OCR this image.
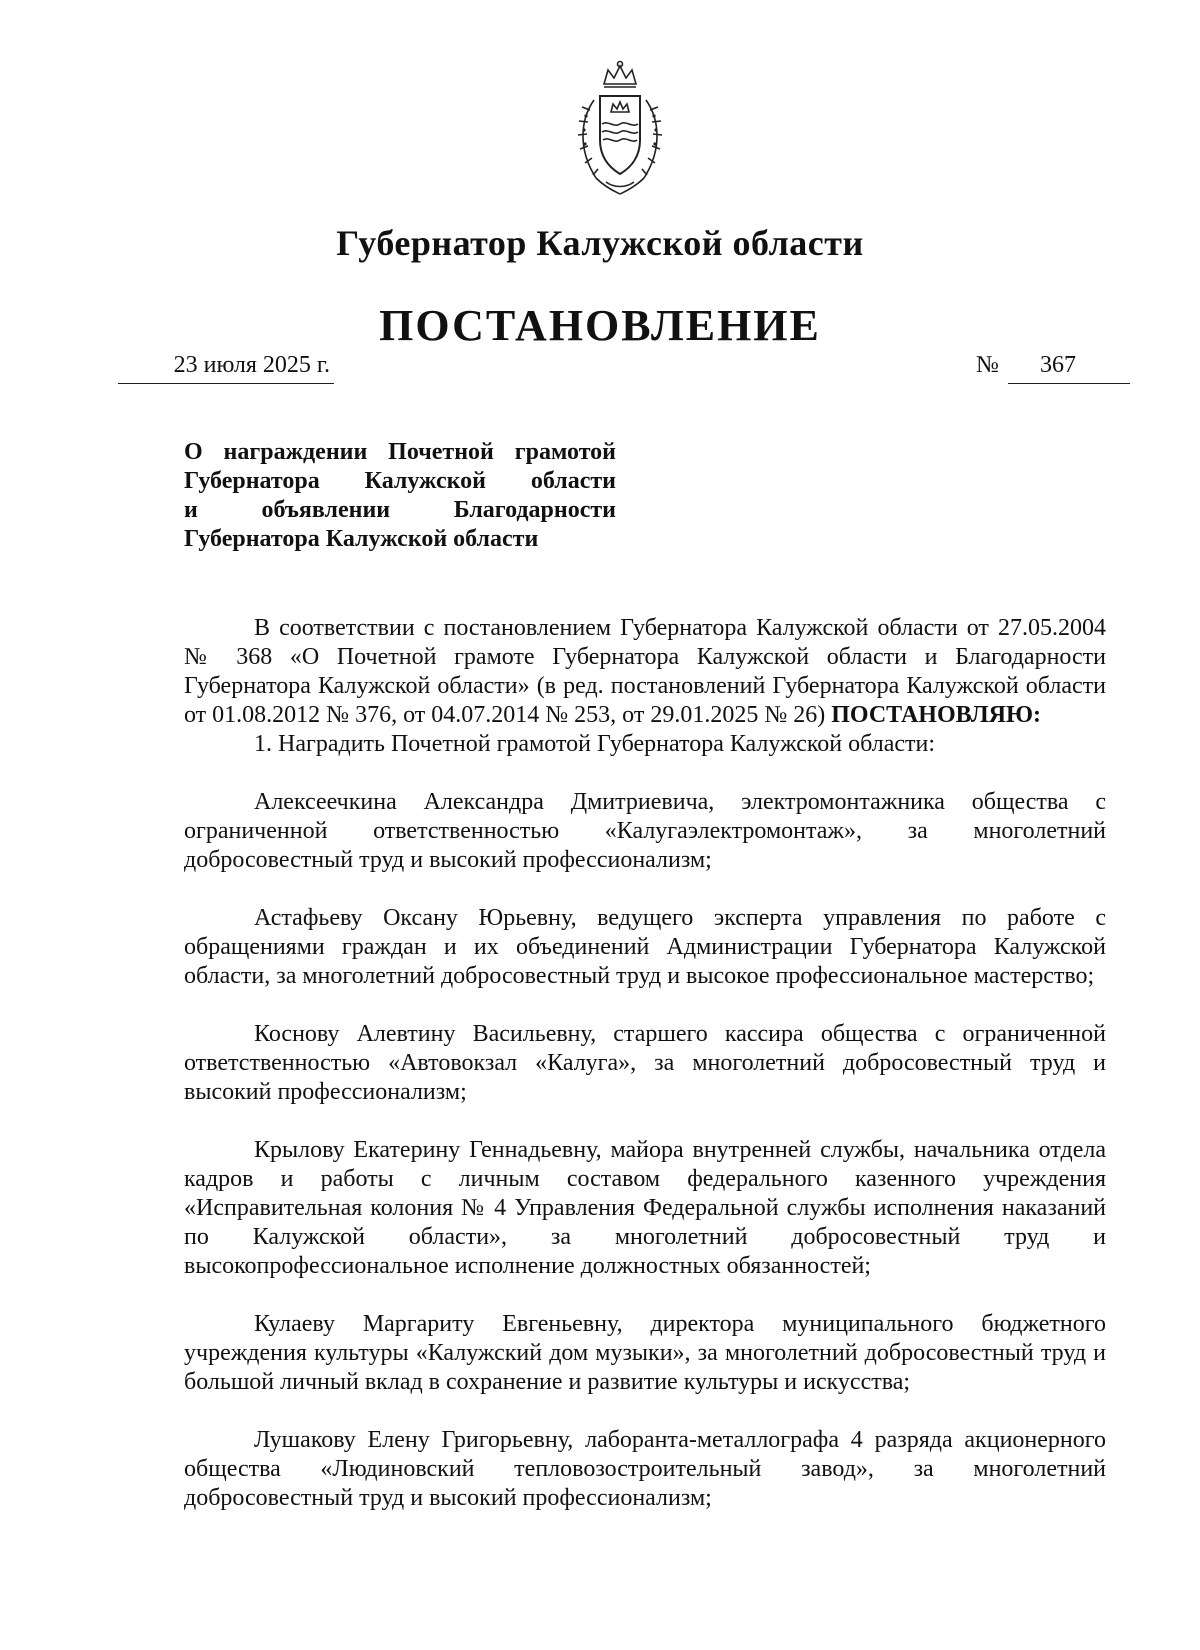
Губернатор Калужской области
ПОСТАНОВЛЕНИЕ
23 июля 2025 г.	№	367
О награждении Почетной грамотой
Губернатора Калужской области
и объявлении Благодарности
Губернатора Калужской области

В соответствии с постановлением Губернатора Калужской области от 27.05.2004 № 368 «О Почетной грамоте Губернатора Калужской области и Благодарности Губернатора Калужской области» (в ред. постановлений Губернатора Калужской области от 01.08.2012 № 376, от 04.07.2014 № 253, от 29.01.2025 № 26) ПОСТАНОВЛЯЮ:

1. Наградить Почетной грамотой Губернатора Калужской области:

Алексеечкина Александра Дмитриевича, электромонтажника общества с ограниченной ответственностью «Калугаэлектромонтаж», за многолетний добросовестный труд и высокий профессионализм;

Астафьеву Оксану Юрьевну, ведущего эксперта управления по работе с обращениями граждан и их объединений Администрации Губернатора Калужской области, за многолетний добросовестный труд и высокое профессиональное мастерство;

Коснову Алевтину Васильевну, старшего кассира общества с ограниченной ответственностью «Автовокзал «Калуга», за многолетний добросовестный труд и высокий профессионализм;

Крылову Екатерину Геннадьевну, майора внутренней службы, начальника отдела кадров и работы с личным составом федерального казенного учреждения «Исправительная колония № 4 Управления Федеральной службы исполнения наказаний по Калужской области», за многолетний добросовестный труд и высокопрофессиональное исполнение должностных обязанностей;

Кулаеву Маргариту Евгеньевну, директора муниципального бюджетного учреждения культуры «Калужский дом музыки», за многолетний добросовестный труд и большой личный вклад в сохранение и развитие культуры и искусства;

Лушакову Елену Григорьевну, лаборанта-металлографа 4 разряда акционерного общества «Людиновский тепловозостроительный завод», за многолетний добросовестный труд и высокий профессионализм;
